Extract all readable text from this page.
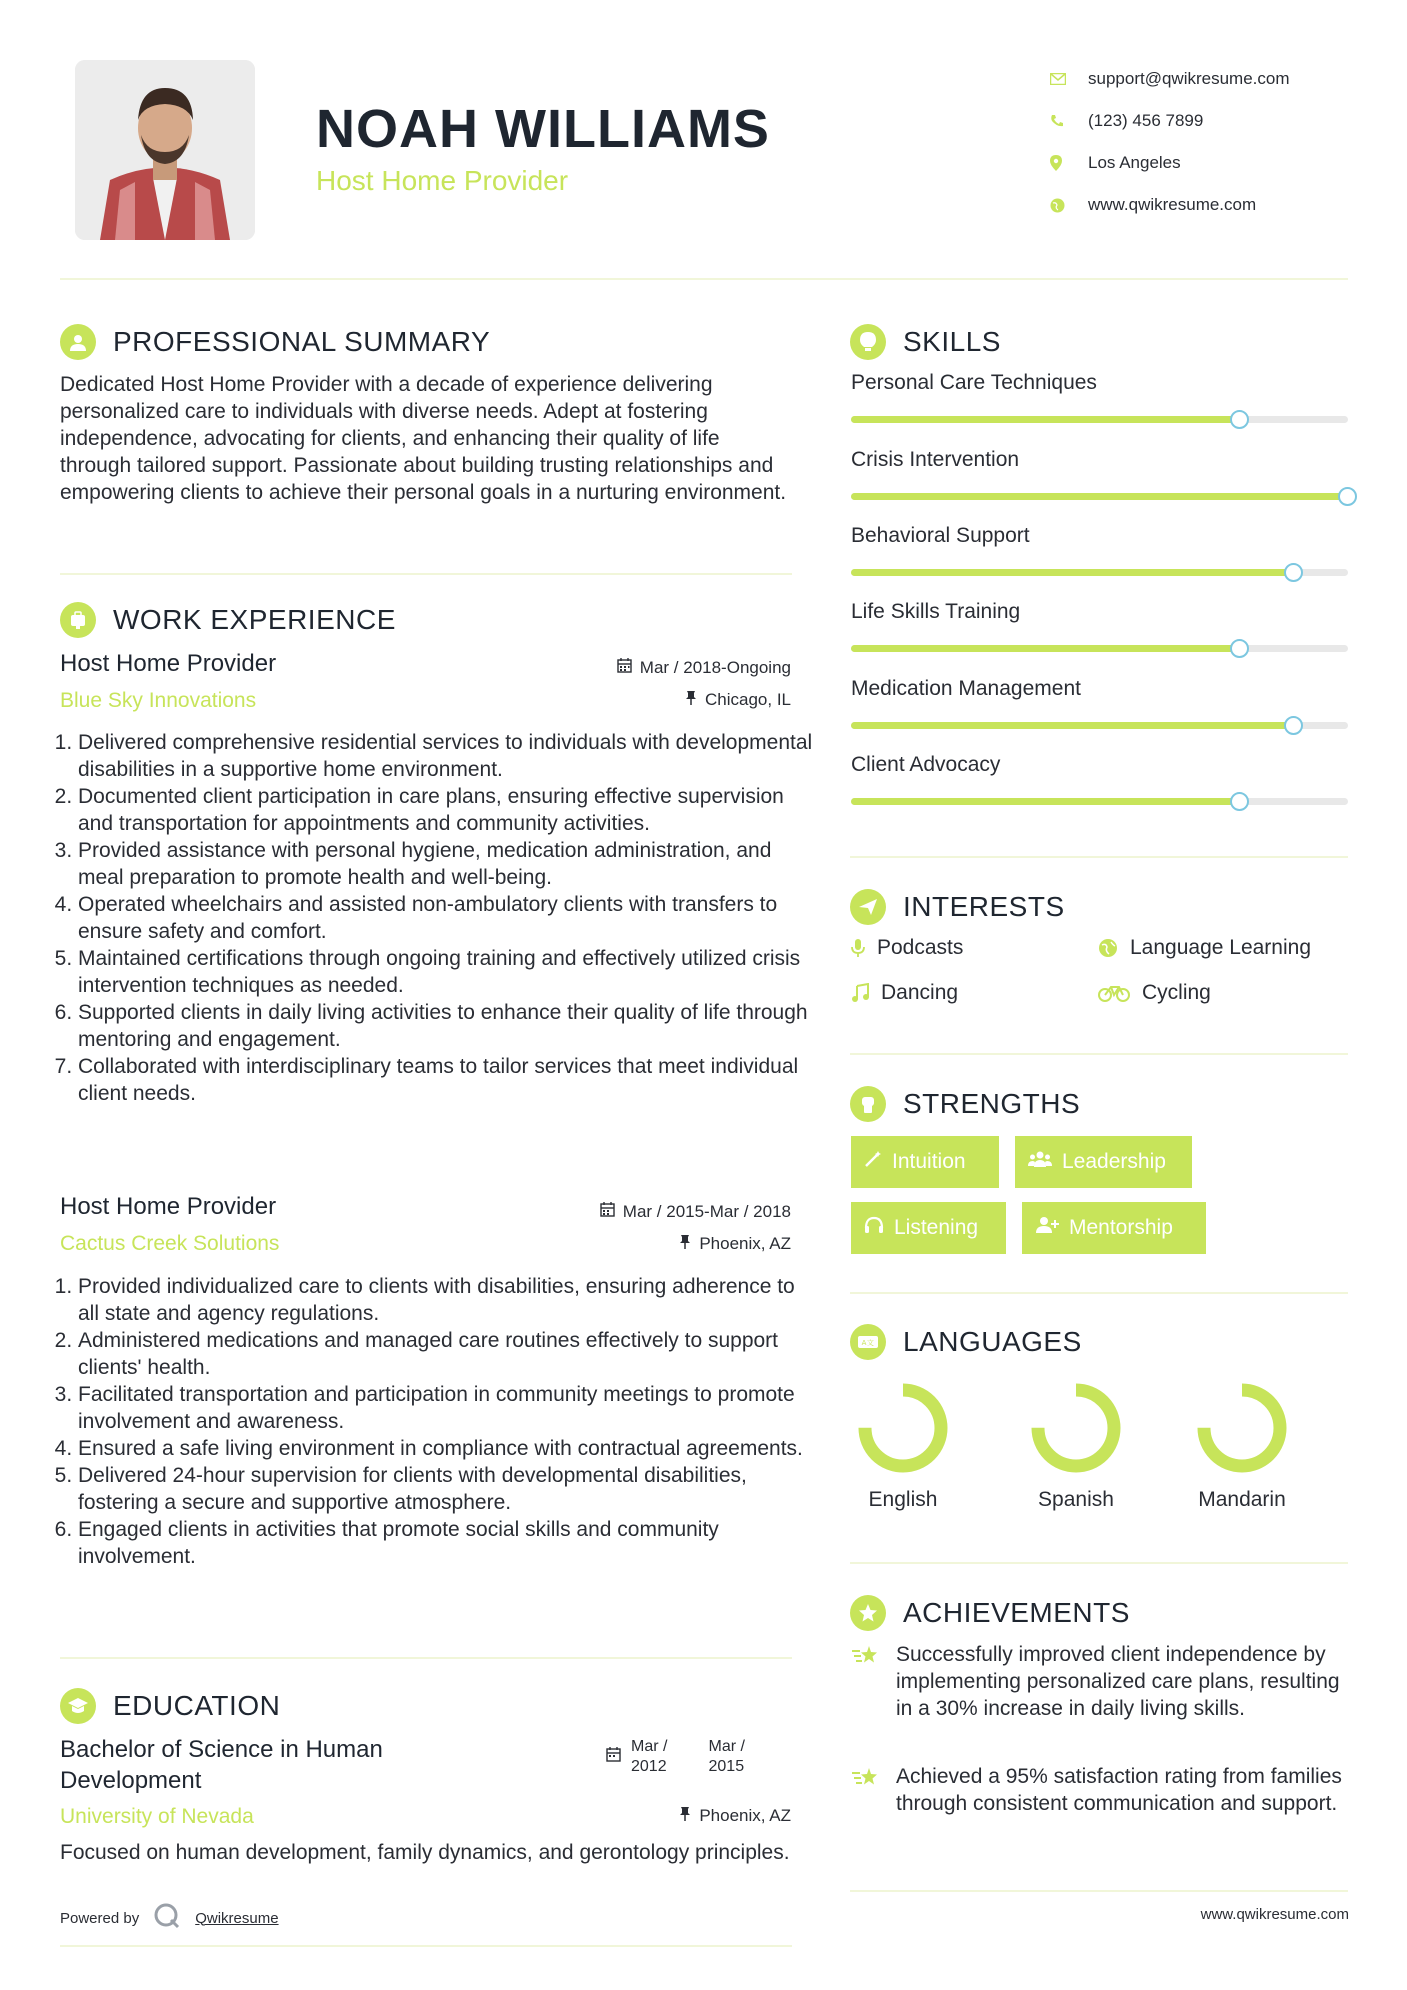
NOAH WILLIAMS
Host Home Provider
support@qwikresume.com
(123) 456 7899
Los Angeles
www.qwikresume.com
PROFESSIONAL SUMMARY
Dedicated Host Home Provider with a decade of experience delivering personalized care to individuals with diverse needs. Adept at fostering independence, advocating for clients, and enhancing their quality of life through tailored support. Passionate about building trusting relationships and empowering clients to achieve their personal goals in a nurturing environment.
WORK EXPERIENCE
Host Home Provider	Mar / 2018-Ongoing
Blue Sky Innovations	Chicago, IL
1. Delivered comprehensive residential services to individuals with developmental disabilities in a supportive home environment.
2. Documented client participation in care plans, ensuring effective supervision and transportation for appointments and community activities.
3. Provided assistance with personal hygiene, medication administration, and meal preparation to promote health and well-being.
4. Operated wheelchairs and assisted non-ambulatory clients with transfers to ensure safety and comfort.
5. Maintained certifications through ongoing training and effectively utilized crisis intervention techniques as needed.
6. Supported clients in daily living activities to enhance their quality of life through mentoring and engagement.
7. Collaborated with interdisciplinary teams to tailor services that meet individual client needs.
Host Home Provider	Mar / 2015-Mar / 2018
Cactus Creek Solutions	Phoenix, AZ
1. Provided individualized care to clients with disabilities, ensuring adherence to all state and agency regulations.
2. Administered medications and managed care routines effectively to support clients' health.
3. Facilitated transportation and participation in community meetings to promote involvement and awareness.
4. Ensured a safe living environment in compliance with contractual agreements.
5. Delivered 24-hour supervision for clients with developmental disabilities, fostering a secure and supportive atmosphere.
6. Engaged clients in activities that promote social skills and community involvement.
EDUCATION
Bachelor of Science in Human Development
Mar / 2012
Mar / 2015
University of Nevada	Phoenix, AZ
Focused on human development, family dynamics, and gerontology principles.
SKILLS
Personal Care Techniques
Crisis Intervention
Behavioral Support
Life Skills Training
Medication Management
Client Advocacy
INTERESTS
Podcasts	Language Learning
Dancing	Cycling
STRENGTHS
Intuition	Leadership
Listening	Mentorship
A文 LANGUAGES
English	Spanish	Mandarin
ACHIEVEMENTS
Successfully improved client independence by implementing personalized care plans, resulting in a 30% increase in daily living skills.
Achieved a 95% satisfaction rating from families through consistent communication and support.
Powered by	Qwikresume	www.qwikresume.com
